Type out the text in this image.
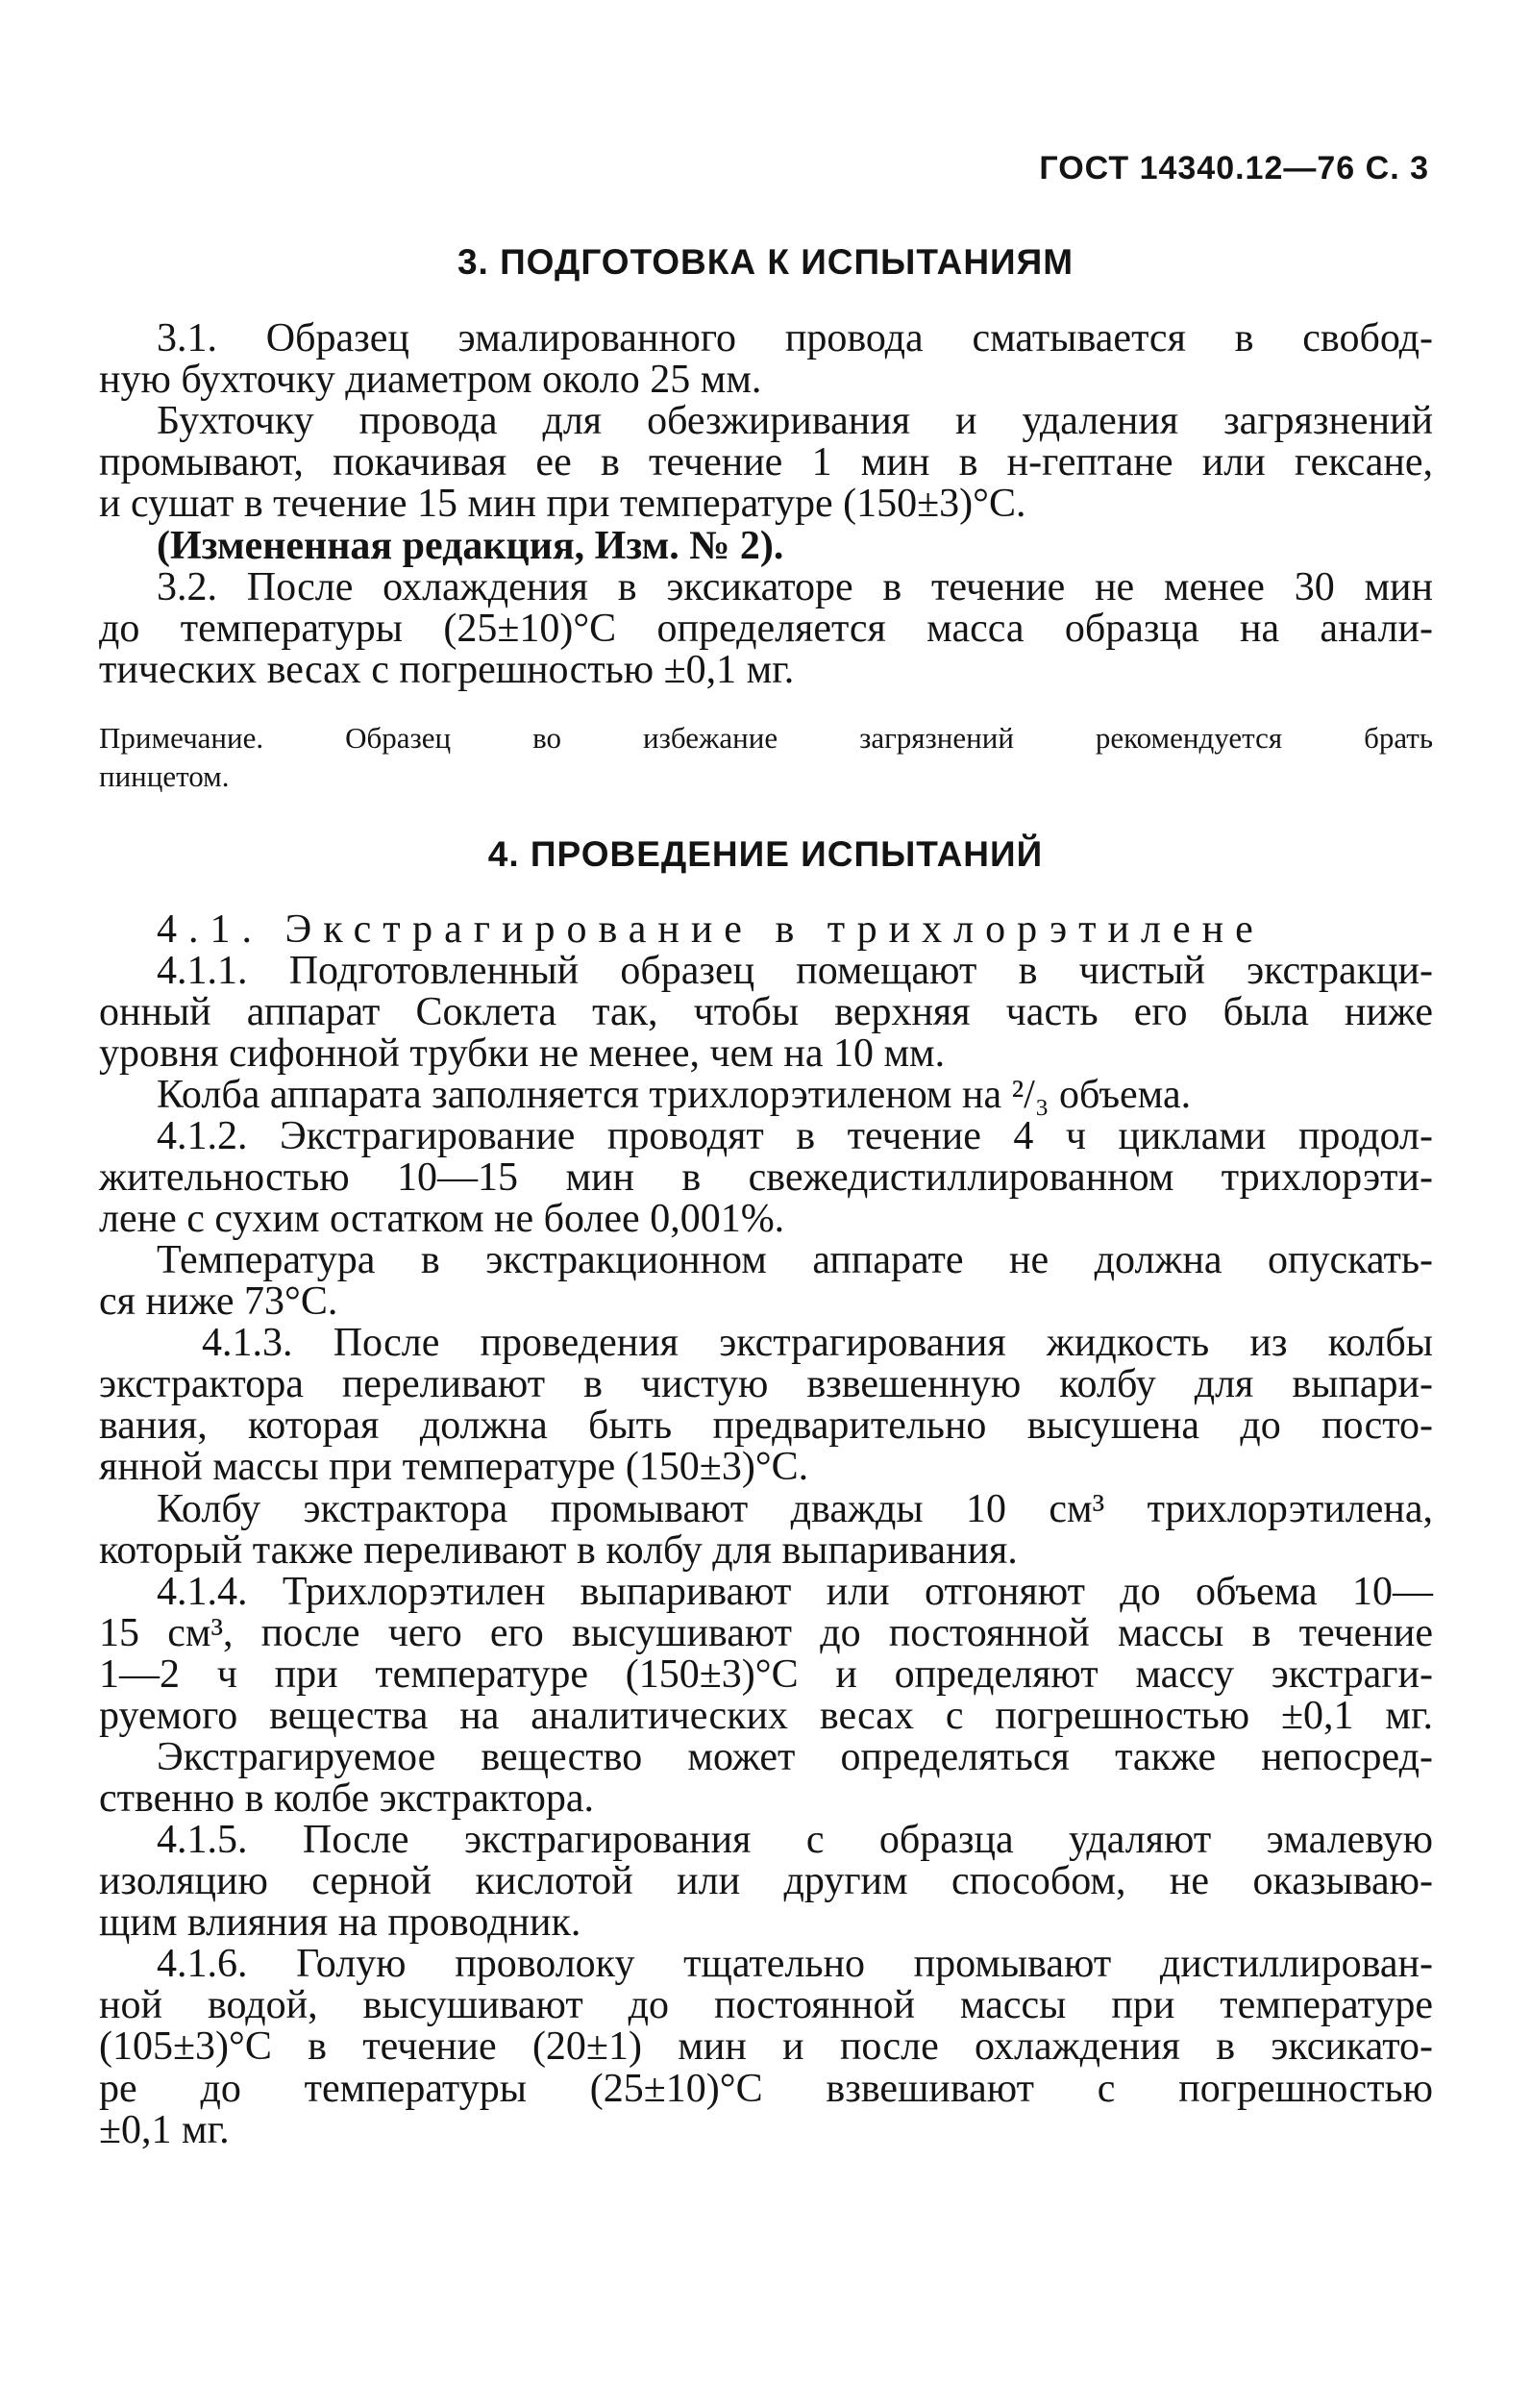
ГОСТ 14340.12—76 С. 3
3. ПОДГОТОВКА К ИСПЫТАНИЯМ
3.1. Образец эмалированного провода сматывается в свобод-
ную бухточку диаметром около 25 мм.
Бухточку провода для обезжиривания и удаления загрязнений
промывают, покачивая ее в течение 1 мин в н-гептане или гексане,
и сушат в течение 15 мин при температуре (150±3)°С.
(Измененная редакция, Изм. № 2).
3.2. После охлаждения в эксикаторе в течение не менее 30 мин
до температуры (25±10)°С определяется масса образца на анали-
тических весах с погрешностью ±0,1 мг.
Примечание. Образец во избежание загрязнений рекомендуется брать
пинцетом.
4. ПРОВЕДЕНИЕ ИСПЫТАНИЙ
4.1. Экстрагирование в трихлорэтилене
4.1.1. Подготовленный образец помещают в чистый экстракци-
онный аппарат Соклета так, чтобы верхняя часть его была ниже
уровня сифонной трубки не менее, чем на 10 мм.
Колба аппарата заполняется трихлорэтиленом на ²/₃ объема.
4.1.2. Экстрагирование проводят в течение 4 ч циклами продол-
жительностью 10—15 мин в свежедистиллированном трихлорэти-
лене с сухим остатком не более 0,001%.
Температура в экстракционном аппарате не должна опускать-
ся ниже 73°С.
4.1.3. После проведения экстрагирования жидкость из колбы
экстрактора переливают в чистую взвешенную колбу для выпари-
вания, которая должна быть предварительно высушена до посто-
янной массы при температуре (150±3)°С.
Колбу экстрактора промывают дважды 10 см³ трихлорэтилена,
который также переливают в колбу для выпаривания.
4.1.4. Трихлорэтилен выпаривают или отгоняют до объема 10—
15 см³, после чего его высушивают до постоянной массы в течение
1—2 ч при температуре (150±3)°С и определяют массу экстраги-
руемого вещества на аналитических весах с погрешностью ±0,1 мг.
Экстрагируемое вещество может определяться также непосред-
ственно в колбе экстрактора.
4.1.5. После экстрагирования с образца удаляют эмалевую
изоляцию серной кислотой или другим способом, не оказываю-
щим влияния на проводник.
4.1.6. Голую проволоку тщательно промывают дистиллирован-
ной водой, высушивают до постоянной массы при температуре
(105±3)°С в течение (20±1) мин и после охлаждения в эксикато-
ре до температуры (25±10)°С взвешивают с погрешностью
±0,1 мг.
